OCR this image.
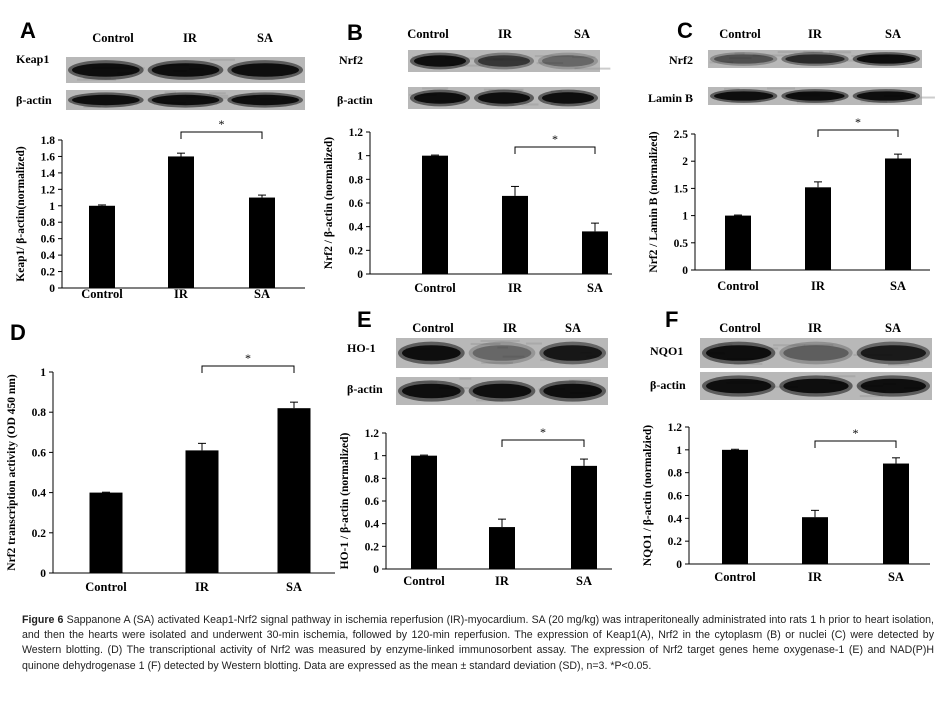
A	Control	IR	SA
Keap1
β-actin
0
0.2
0.4
0.6
0.8
1
1.2
1.4
1.6
1.8
Keap1/ β-actin(normalized)
Control	IR	SA
*
B	Control	IR	SA
Nrf2
β-actin
0
0.2
0.4
0.6
0.8
1
1.2
Nrf2 / β-actin (normalized)
Control	IR	SA
*
C Control	IR	SA
Nrf2
Lamin B
0
0.5
1
1.5
2
2.5
Nrf2 / Lamin B (normalized)
Control	IR	SA
*
D
0
0.2
0.4
0.6
0.8
1
Nrf2 transcription activity (OD 450 nm)
Control	IR	SA
*
E	Control	IR	SA
HO-1
β-actin
0
0.2
0.4
0.6
0.8
1
1.2
HO-1 / β-actin (normalized)
Control	IR	SA
*
F	Control	IR	SA
NQO1
β-actin
0
0.2
0.4
0.6
0.8
1
1.2
NQO1 / β-actin (normalzied)
Control	IR	SA
*

Figure 6 Sappanone A (SA) activated Keap1-Nrf2 signal pathway in ischemia reperfusion (IR)-myocardium. SA (20 mg/kg) was intraperitoneally administrated into rats 1 h prior to heart isolation, and then the hearts were isolated and underwent 30-min ischemia, followed by 120-min reperfusion. The expression of Keap1(A), Nrf2 in the cytoplasm (B) or nuclei (C) were detected by Western blotting. (D) The transcriptional activity of Nrf2 was measured by enzyme-linked immunosorbent assay. The expression of Nrf2 target genes heme oxygenase-1 (E) and NAD(P)H quinone dehydrogenase 1 (F) detected by Western blotting. Data are expressed as the mean ± standard deviation (SD), n=3. *P<0.05.
